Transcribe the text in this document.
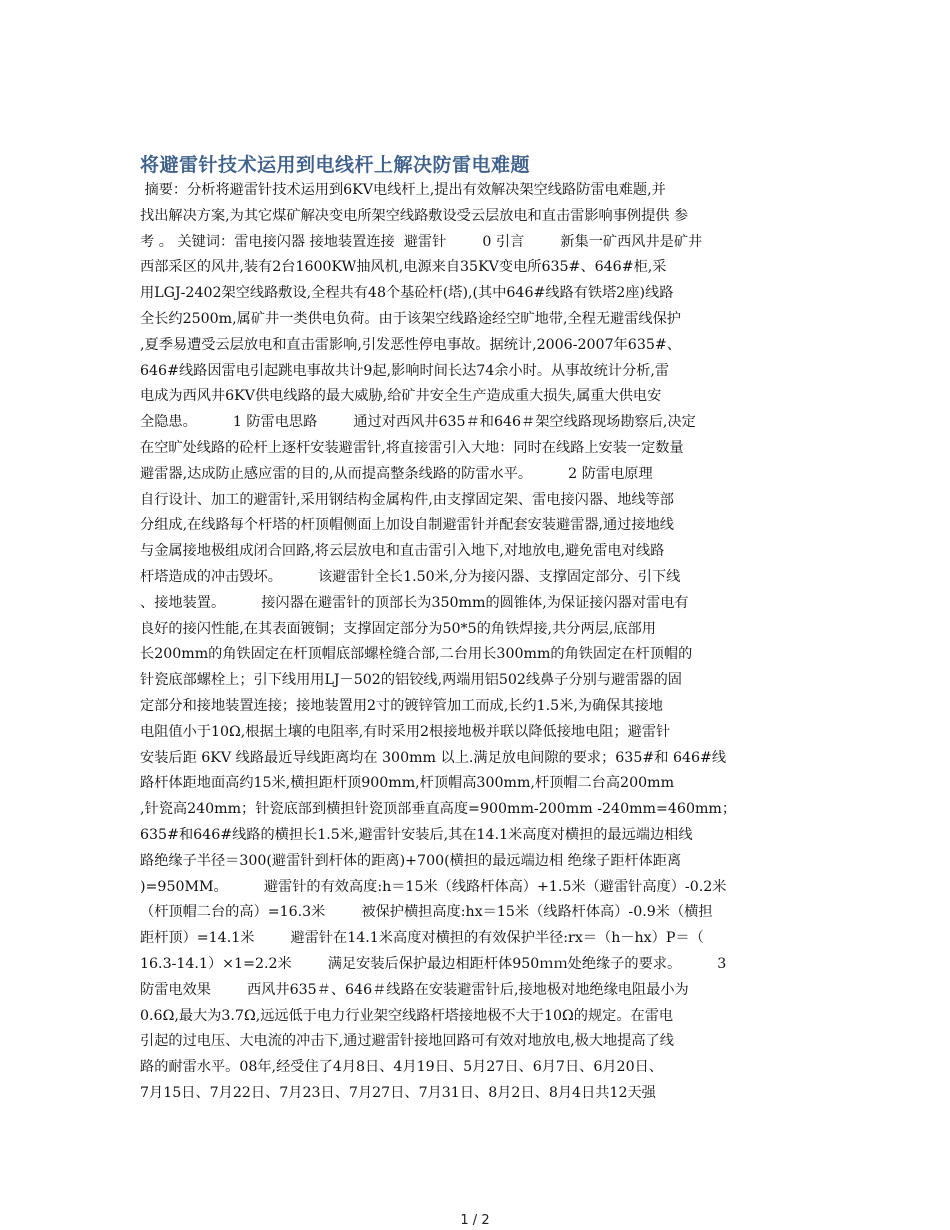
将避雷针技术运用到电线杆上解决防雷电难题
摘要：分析将避雷针技术运用到6KV电线杆上,提出有效解决架空线路防雷电难题,并
找出解决方案,为其它煤矿解决变电所架空线路敷设受云层放电和直击雷影响事例提供 参
考 。 关键词：雷电接闪器 接地装置连接  避雷针        0 引言        新集一矿西风井是矿井
西部采区的风井,装有2台1600KW抽风机,电源来自35KV变电所635#、646#柜,采
用LGJ-2402架空线路敷设,全程共有48个基砼杆(塔),(其中646#线路有铁塔2座)线路
全长约2500m,属矿井一类供电负荷。由于该架空线路途经空旷地带,全程无避雷线保护
,夏季易遭受云层放电和直击雷影响,引发恶性停电事故。据统计,2006-2007年635#、
646#线路因雷电引起跳电事故共计9起,影响时间长达74余小时。从事故统计分析,雷
电成为西风井6KV供电线路的最大威胁,给矿井安全生产造成重大损失,属重大供电安
全隐患。        1 防雷电思路        通过对西风井635＃和646＃架空线路现场勘察后,决定
在空旷处线路的砼杆上逐杆安装避雷针,将直接雷引入大地：同时在线路上安装一定数量
避雷器,达成防止感应雷的目的,从而提高整条线路的防雷水平。        2 防雷电原理
自行设计、加工的避雷针,采用钢结构金属构件,由支撑固定架、雷电接闪器、地线等部
分组成,在线路每个杆塔的杆顶帽侧面上加设自制避雷针并配套安装避雷器,通过接地线
与金属接地极组成闭合回路,将云层放电和直击雷引入地下,对地放电,避免雷电对线路
杆塔造成的冲击毁坏。        该避雷针全长1.50米,分为接闪器、支撑固定部分、引下线
、接地装置。        接闪器在避雷针的顶部长为350mm的圆锥体,为保证接闪器对雷电有
良好的接闪性能,在其表面镀铜；支撑固定部分为50*5的角铁焊接,共分两层,底部用
长200mm的角铁固定在杆顶帽底部螺栓缝合部,二台用长300mm的角铁固定在杆顶帽的
针瓷底部螺栓上；引下线用用LJ－502的铝铰线,两端用铝502线鼻子分别与避雷器的固
定部分和接地装置连接；接地装置用2寸的镀锌管加工而成,长约1.5米,为确保其接地
电阻值小于10Ω,根据土壤的电阻率,有时采用2根接地极并联以降低接地电阻；避雷针
安装后距 6KV 线路最近导线距离均在 300mm 以上.满足放电间隙的要求；635#和 646#线
路杆体距地面高约15米,横担距杆顶900mm,杆顶帽高300mm,杆顶帽二台高200mm
,针瓷高240mm；针瓷底部到横担针瓷顶部垂直高度=900mm-200mm -240mm=460mm；
635#和646#线路的横担长1.5米,避雷针安装后,其在14.1米高度对横担的最远端边相线
路绝缘子半径＝300(避雷针到杆体的距离)+700(横担的最远端边相 绝缘子距杆体距离
)=950MM。        避雷针的有效高度:h＝15米（线路杆体高）+1.5米（避雷针高度）-0.2米
（杆顶帽二台的高）=16.3米        被保护横担高度:hx＝15米（线路杆体高）-0.9米（横担
距杆顶）=14.1米        避雷针在14.1米高度对横担的有效保护半径:rx＝（h－hx）P＝（
16.3-14.1）×1=2.2米        满足安装后保护最边相距杆体950ｍｍ处绝缘子的要求。        3
防雷电效果        西风井635＃、646＃线路在安装避雷针后,接地极对地绝缘电阻最小为
0.6Ω,最大为3.7Ω,远远低于电力行业架空线路杆塔接地极不大于10Ω的规定。在雷电
引起的过电压、大电流的冲击下,通过避雷针接地回路可有效对地放电,极大地提高了线
路的耐雷水平。08年,经受住了4月8日、4月19日、5月27日、6月7日、6月20日、
7月15日、7月22日、7月23日、7月27日、7月31日、8月2日、8月4日共12天强
1 / 2
